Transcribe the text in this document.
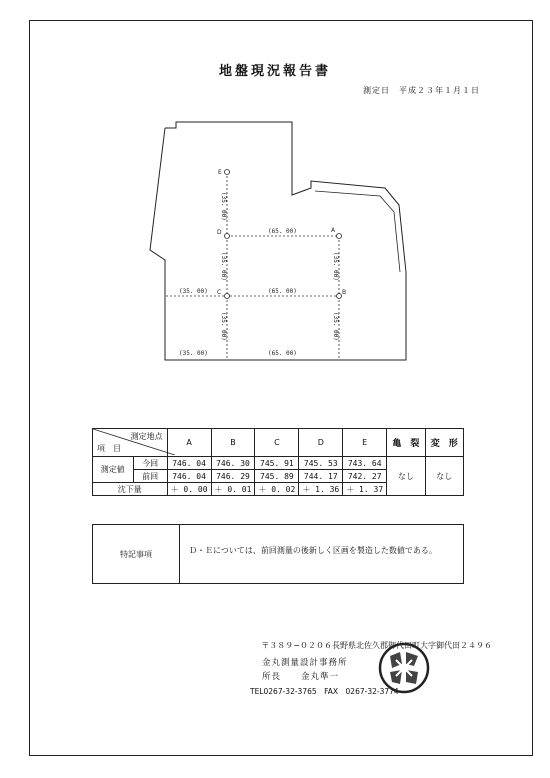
地盤現況報告書
測定日　平成２３年１月１日
E
D	A
C	B
(65. 00)
(65. 00)
(35. 00)
(35. 00)	(65. 00)
(35. 00)
(35. 00)
(35. 00)
(35. 00)
(35. 00)
測定地点
項　目		A	B	C	D	E	亀　裂	変　形
測定値	今回	746. 04	746. 30	745. 91	745. 53	743. 64	なし	なし
	前回	746. 04	746. 29	745. 89	744. 17	742. 27		
沈下量		＋ 0. 00	＋ 0. 01	＋ 0. 02	＋ 1. 36	＋ 1. 37		
特記事項	Ｄ・Ｅについては、前回測量の後新しく区画を製造した数値である。
〒３８９−０２０６長野県北佐久郡御代田町大字御代田２４９６
金丸測量設計事務所
所長 金丸準一
TEL0267-32-3765　FAX　0267-32-3774
